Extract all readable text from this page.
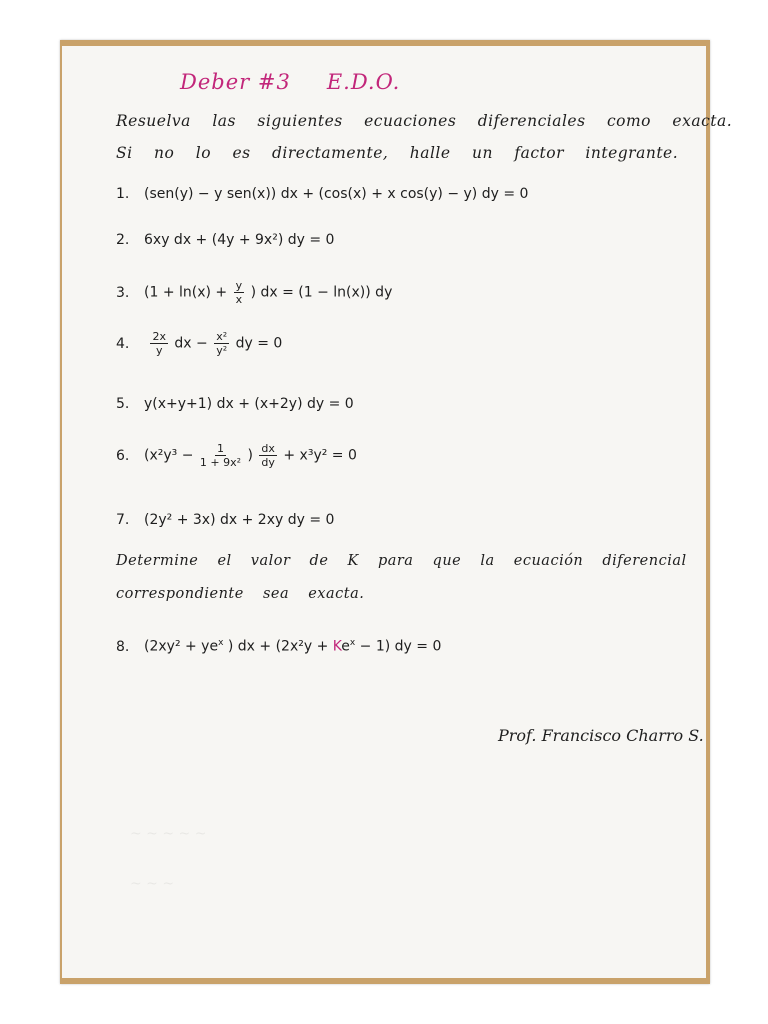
Deber #3 E.D.O.
Resuelva las siguientes ecuaciones diferenciales como exacta.
Si no lo es directamente, halle un factor integrante.
1. (sen(y) − y sen(x)) dx + (cos(x) + x cos(y) − y) dy = 0
2. 6xy dx + (4y + 9x²) dy = 0
3. ($1 + \ln(x) + \frac{y}{x}$ ) dx = (1 − ln(x)) dy
4. $\frac{2x}{y}$ dx − $\frac{\text{x²}}{\text{y²}}$ dy = 0
5. y(x+y+1) dx + (x+2y) dy = 0
6. ($x^2y^3 - \frac{1}{\text{1 + 9x²}}$ ) $\frac{dx}{dy} + x^3y^2 = 0$
7. (2y² + 3x) dx + 2xy dy = 0
Determine el valor de K para que la ecuación diferencial
correspondiente sea exacta.
8. ($2xy^2 + ye^x$ ) dx + $(2x^2y + Ke^x - 1)$ dy = 0
Prof. Francisco Charro S.
~ ~ ~ ~ ~
~ ~ ~
